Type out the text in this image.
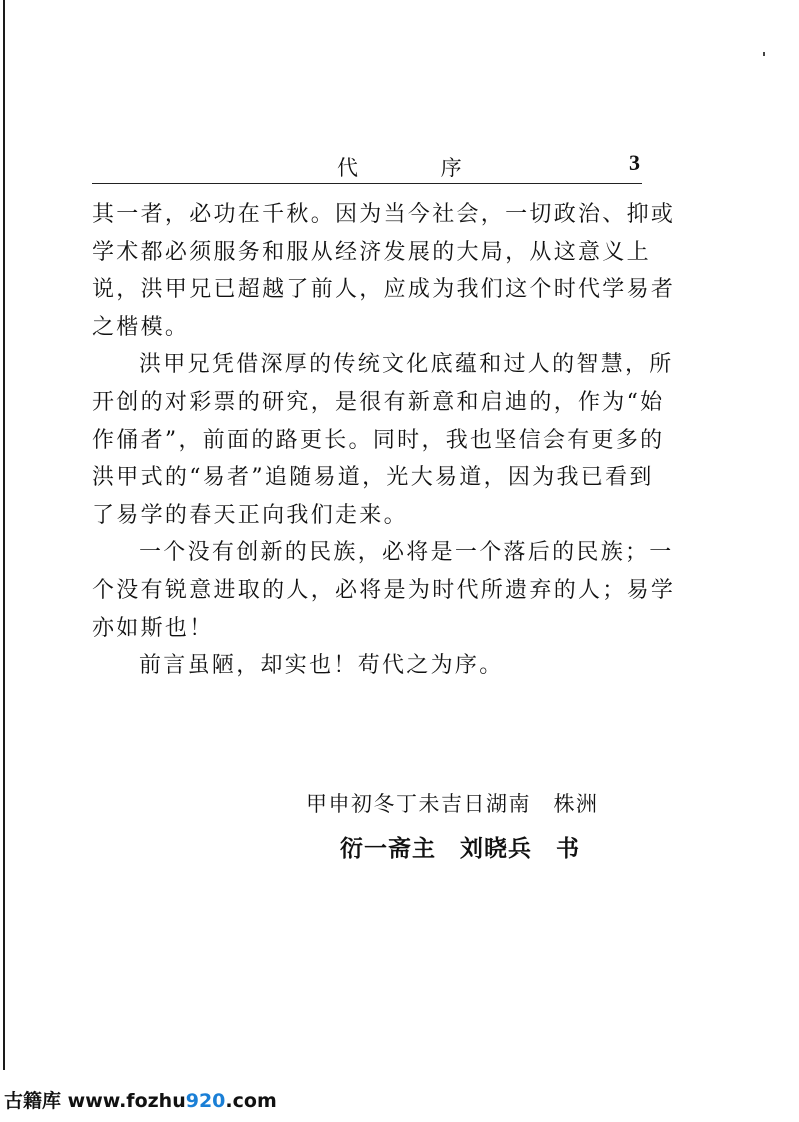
代 序	3

其一者，必功在千秋。因为当今社会，一切政治、抑或
学术都必须服务和服从经济发展的大局，从这意义上
说，洪甲兄已超越了前人，应成为我们这个时代学易者
之楷模。

洪甲兄凭借深厚的传统文化底蕴和过人的智慧，所
开创的对彩票的研究，是很有新意和启迪的，作为“始
作俑者”，前面的路更长。同时，我也坚信会有更多的
洪甲式的“易者”追随易道，光大易道，因为我已看到
了易学的春天正向我们走来。

一个没有创新的民族，必将是一个落后的民族；一
个没有锐意进取的人，必将是为时代所遗弃的人；易学
亦如斯也！

前言虽陋，却实也！苟代之为序。

甲申初冬丁未吉日湖南　株洲
衍一斋主　刘晓兵　书
古籍库 www.fozhu920.com
